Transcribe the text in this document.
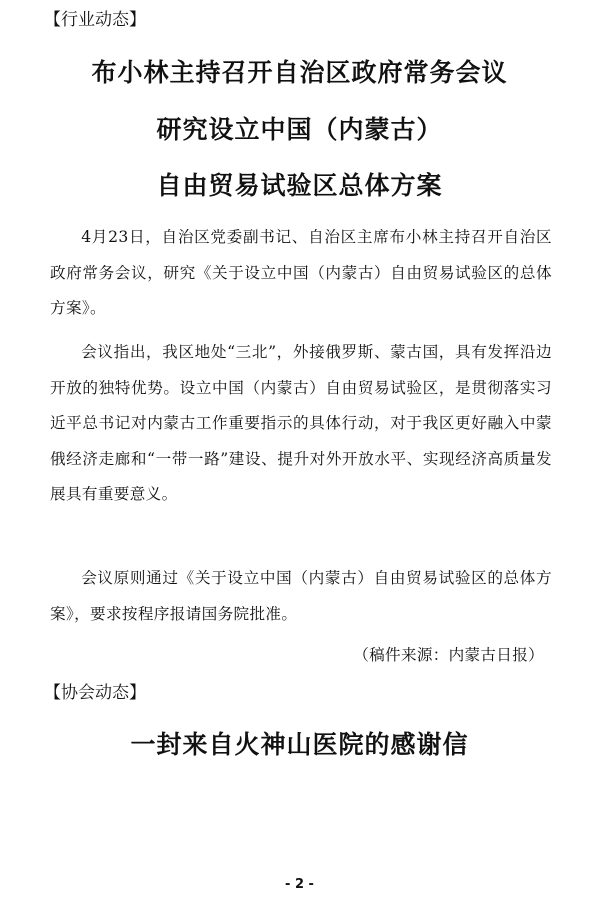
【行业动态】
布小林主持召开自治区政府常务会议
研究设立中国（内蒙古）
自由贸易试验区总体方案

4月23日，自治区党委副书记、自治区主席布小林主持召开自治区政府常务会议，研究《关于设立中国（内蒙古）自由贸易试验区的总体方案》。

会议指出，我区地处“三北”，外接俄罗斯、蒙古国，具有发挥沿边开放的独特优势。设立中国（内蒙古）自由贸易试验区，是贯彻落实习近平总书记对内蒙古工作重要指示的具体行动，对于我区更好融入中蒙俄经济走廊和“一带一路”建设、提升对外开放水平、实现经济高质量发展具有重要意义。

会议原则通过《关于设立中国（内蒙古）自由贸易试验区的总体方案》，要求按程序报请国务院批准。

（稿件来源：内蒙古日报）
【协会动态】
一封来自火神山医院的感谢信
- 2 -
